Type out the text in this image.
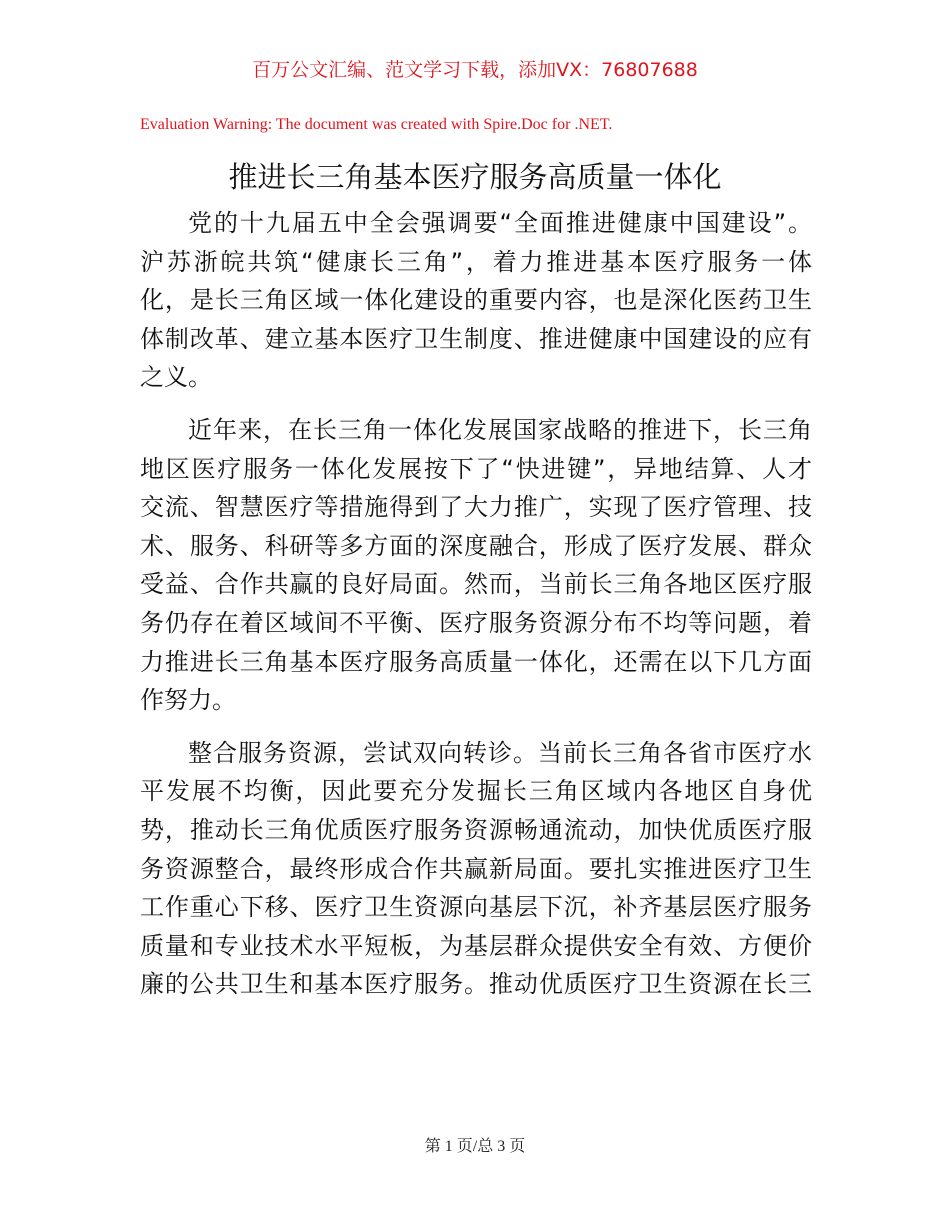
百万公文汇编、范文学习下载，添加VX：76807688
Evaluation Warning: The document was created with Spire.Doc for .NET.
推进长三角基本医疗服务高质量一体化
党的十九届五中全会强调要“全面推进健康中国建设”。
沪苏浙皖共筑“健康长三角”，着力推进基本医疗服务一体
化，是长三角区域一体化建设的重要内容，也是深化医药卫生
体制改革、建立基本医疗卫生制度、推进健康中国建设的应有
之义。
近年来，在长三角一体化发展国家战略的推进下，长三角
地区医疗服务一体化发展按下了“快进键”，异地结算、人才
交流、智慧医疗等措施得到了大力推广，实现了医疗管理、技
术、服务、科研等多方面的深度融合，形成了医疗发展、群众
受益、合作共赢的良好局面。然而，当前长三角各地区医疗服
务仍存在着区域间不平衡、医疗服务资源分布不均等问题，着
力推进长三角基本医疗服务高质量一体化，还需在以下几方面
作努力。
整合服务资源，尝试双向转诊。当前长三角各省市医疗水
平发展不均衡，因此要充分发掘长三角区域内各地区自身优
势，推动长三角优质医疗服务资源畅通流动，加快优质医疗服
务资源整合，最终形成合作共赢新局面。要扎实推进医疗卫生
工作重心下移、医疗卫生资源向基层下沉，补齐基层医疗服务
质量和专业技术水平短板，为基层群众提供安全有效、方便价
廉的公共卫生和基本医疗服务。推动优质医疗卫生资源在长三
第 1 页/总 3 页
